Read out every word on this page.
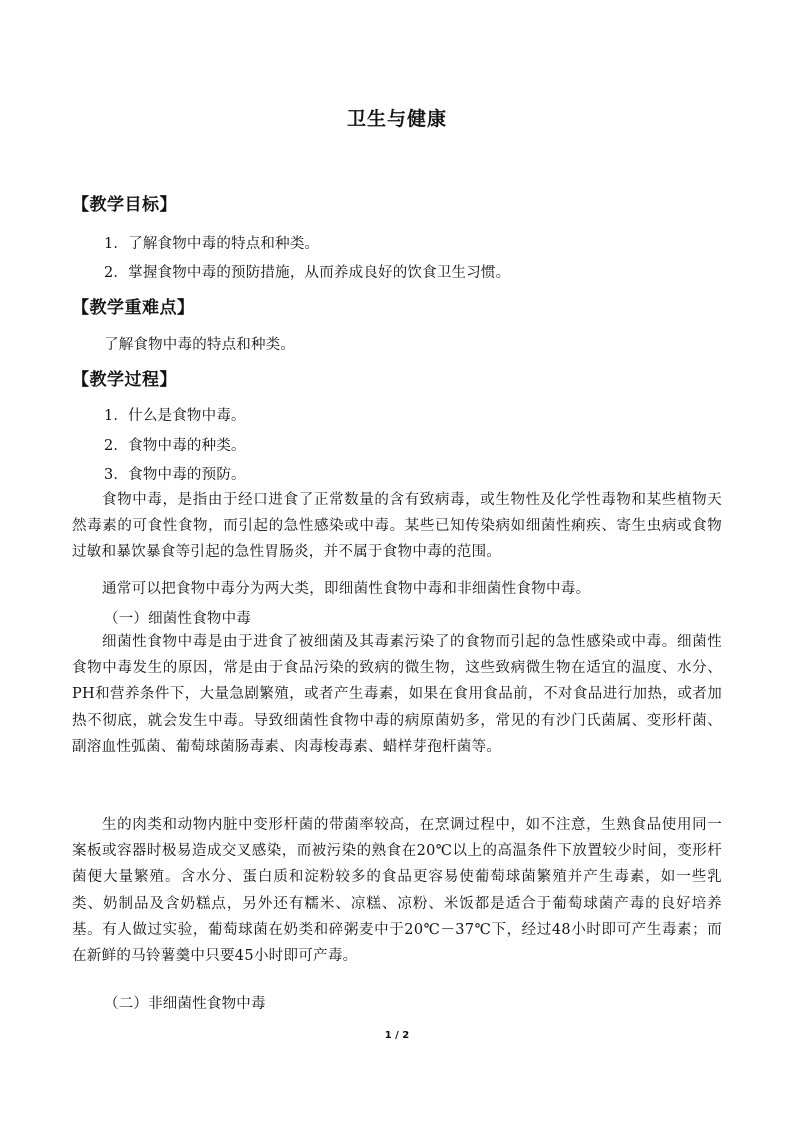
卫生与健康
【教学目标】
1．了解食物中毒的特点和种类。
2．掌握食物中毒的预防措施，从而养成良好的饮食卫生习惯。
【教学重难点】
了解食物中毒的特点和种类。
【教学过程】
1．什么是食物中毒。
2．食物中毒的种类。
3．食物中毒的预防。
食物中毒，是指由于经口进食了正常数量的含有致病毒，或生物性及化学性毒物和某些植物天然毒素的可食性食物，而引起的急性感染或中毒。某些已知传染病如细菌性痢疾、寄生虫病或食物过敏和暴饮暴食等引起的急性胃肠炎，并不属于食物中毒的范围。
通常可以把食物中毒分为两大类，即细菌性食物中毒和非细菌性食物中毒。
（一）细菌性食物中毒
细菌性食物中毒是由于进食了被细菌及其毒素污染了的食物而引起的急性感染或中毒。细菌性食物中毒发生的原因，常是由于食品污染的致病的微生物，这些致病微生物在适宜的温度、水分、PH和营养条件下，大量急剧繁殖，或者产生毒素，如果在食用食品前，不对食品进行加热，或者加热不彻底，就会发生中毒。导致细菌性食物中毒的病原菌奶多，常见的有沙门氏菌属、变形杆菌、副溶血性弧菌、葡萄球菌肠毒素、肉毒梭毒素、蜡样芽孢杆菌等。
生的肉类和动物内脏中变形杆菌的带菌率较高，在烹调过程中，如不注意，生熟食品使用同一案板或容器时极易造成交叉感染，而被污染的熟食在20℃以上的高温条件下放置较少时间，变形杆菌便大量繁殖。含水分、蛋白质和淀粉较多的食品更容易使葡萄球菌繁殖并产生毒素，如一些乳类、奶制品及含奶糕点，另外还有糯米、凉糕、凉粉、米饭都是适合于葡萄球菌产毒的良好培养基。有人做过实验，葡萄球菌在奶类和碎粥麦中于20℃－37℃下，经过48小时即可产生毒素；而在新鲜的马铃薯羹中只要45小时即可产毒。
（二）非细菌性食物中毒
1 / 2
